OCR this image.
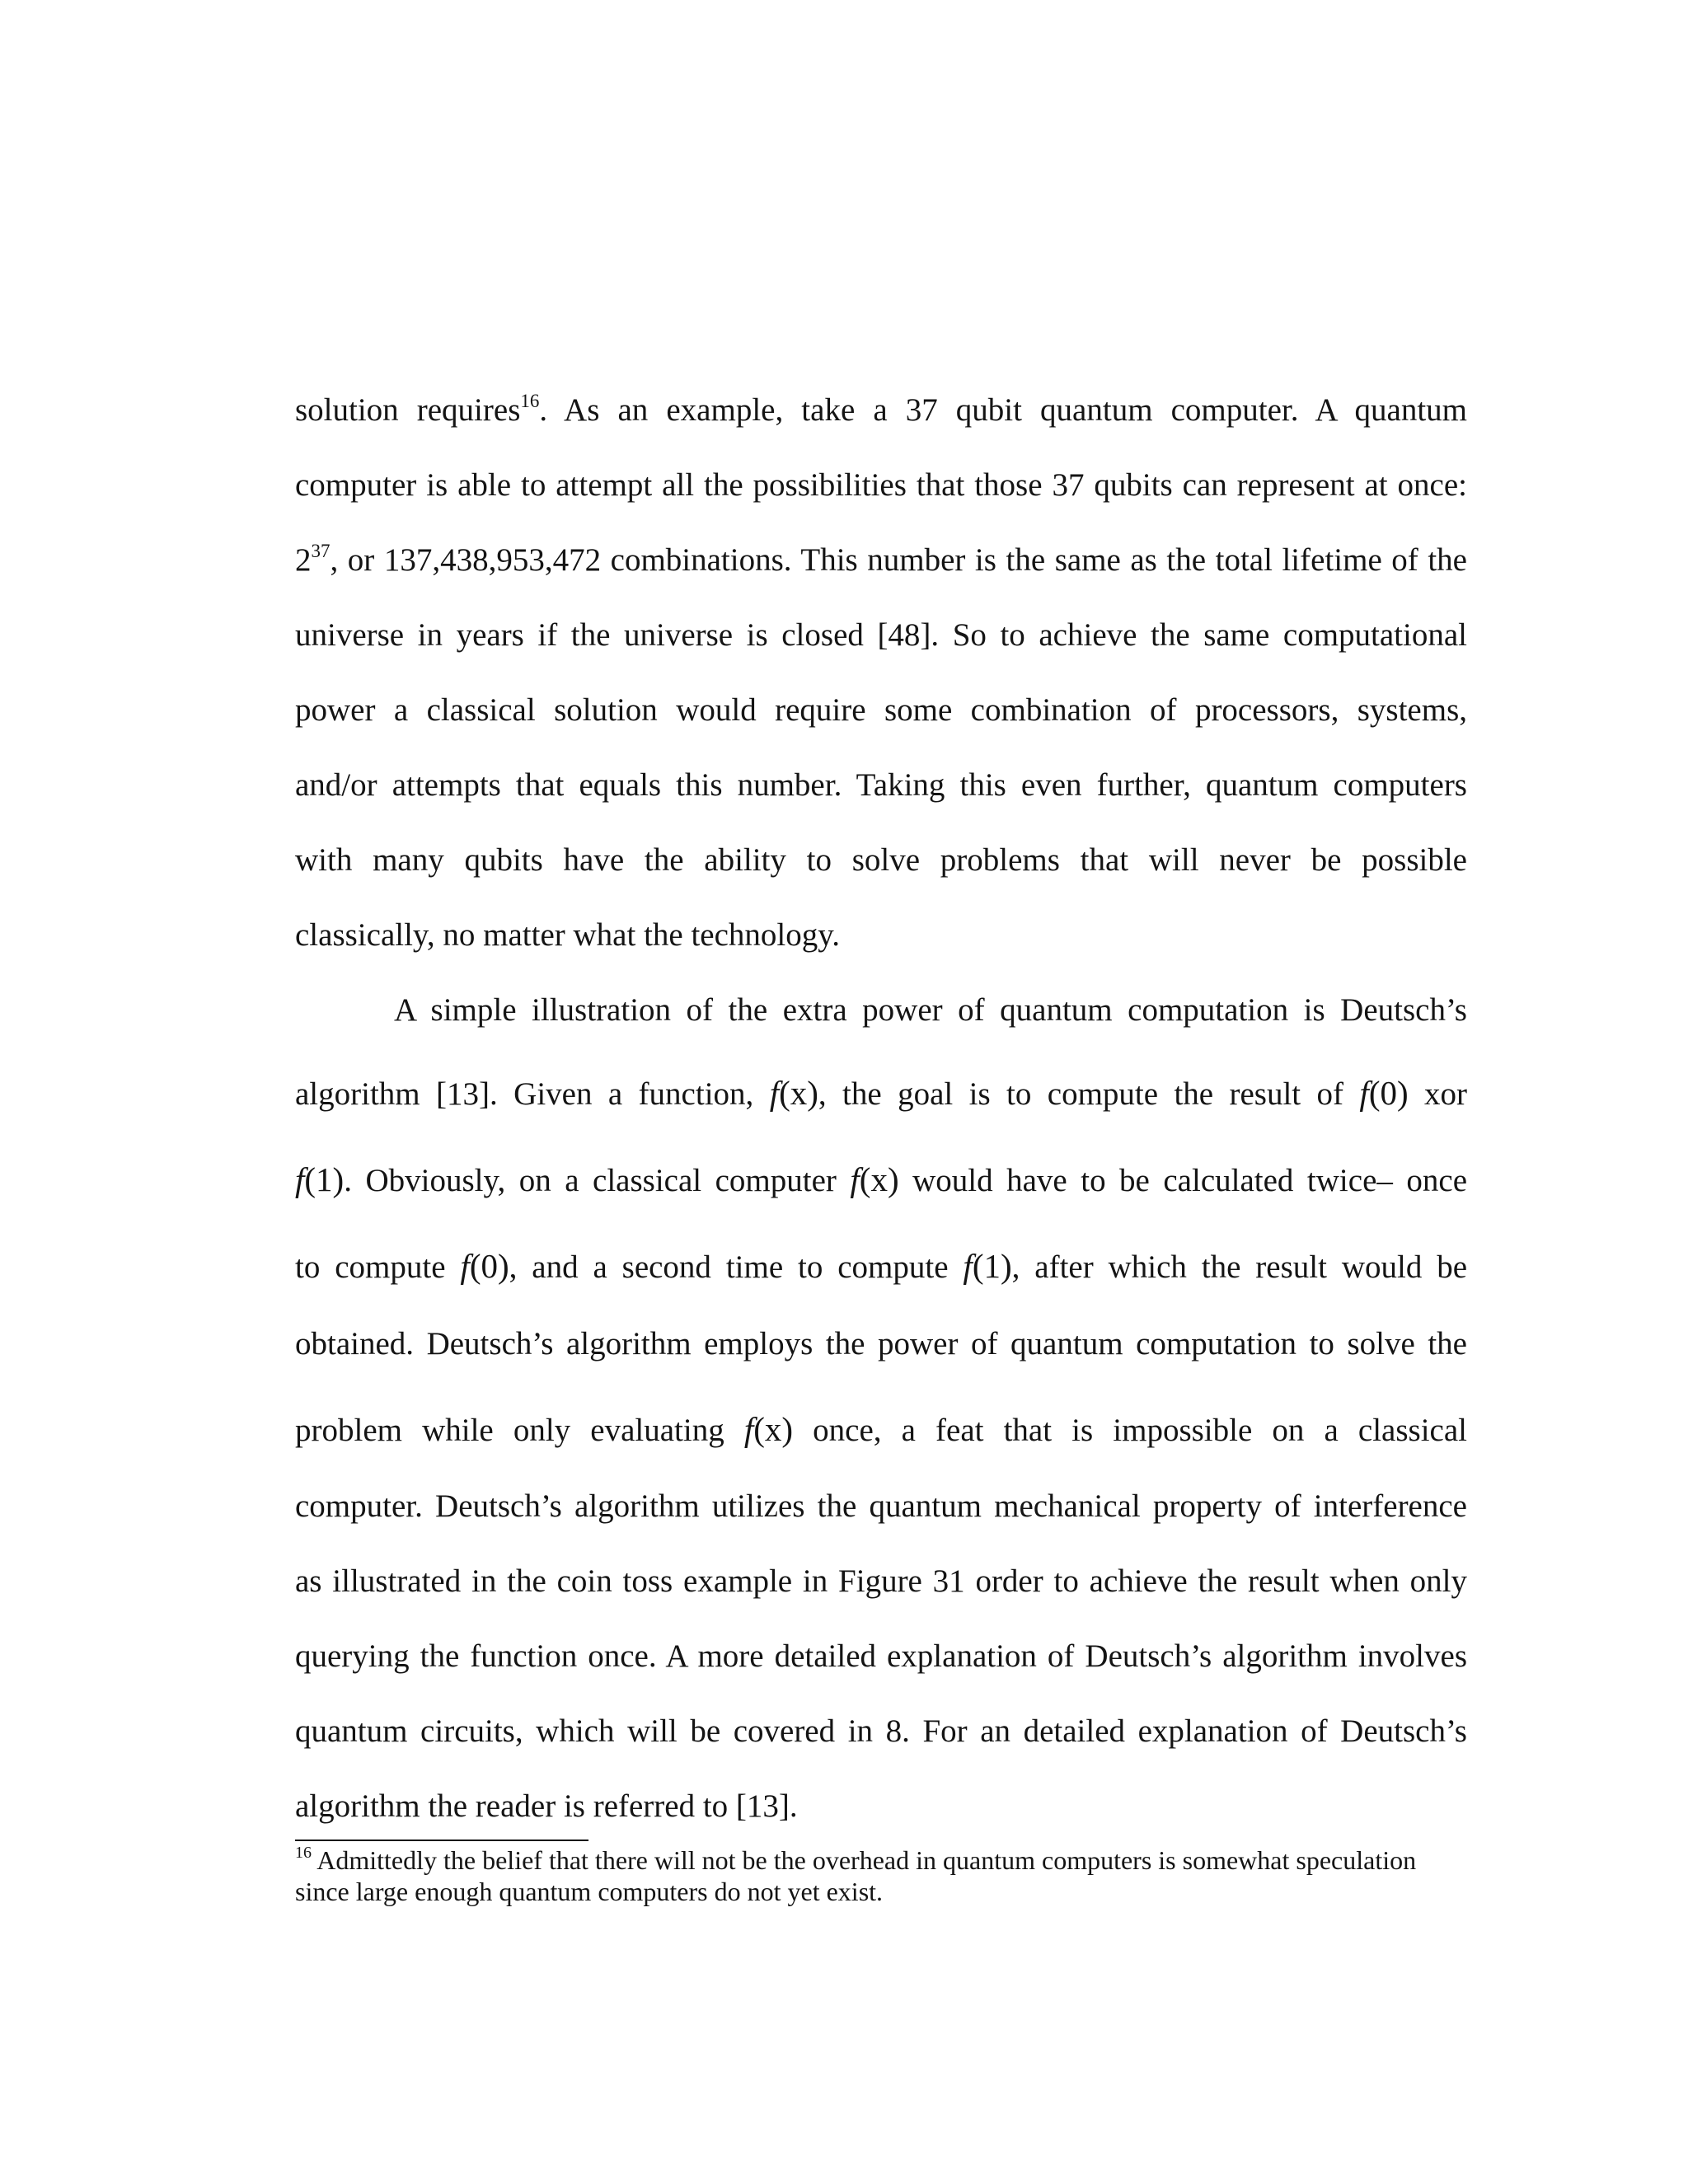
solution requires$^{16}$. As an example, take a 37 qubit quantum computer. A quantum
computer is able to attempt all the possibilities that those 37 qubits can represent at once:
$2^{37}$, or 137,438,953,472 combinations. This number is the same as the total lifetime of the
universe in years if the universe is closed [48]. So to achieve the same computational
power a classical solution would require some combination of processors, systems,
and/or attempts that equals this number. Taking this even further, quantum computers
with many qubits have the ability to solve problems that will never be possible
classically, no matter what the technology.
A simple illustration of the extra power of quantum computation is Deutsch’s
algorithm [13]. Given a function, f(x), the goal is to compute the result of f(0) xor
f(1). Obviously, on a classical computer f(x) would have to be calculated twice– once
to compute f(0), and a second time to compute f(1), after which the result would be
obtained. Deutsch’s algorithm employs the power of quantum computation to solve the
problem while only evaluating f(x) once, a feat that is impossible on a classical
computer. Deutsch’s algorithm utilizes the quantum mechanical property of interference
as illustrated in the coin toss example in Figure 31 order to achieve the result when only
querying the function once. A more detailed explanation of Deutsch’s algorithm involves
quantum circuits, which will be covered in 8. For an detailed explanation of Deutsch’s
algorithm the reader is referred to [13].
$^{16}$ Admittedly the belief that there will not be the overhead in quantum computers is somewhat speculation
since large enough quantum computers do not yet exist.
